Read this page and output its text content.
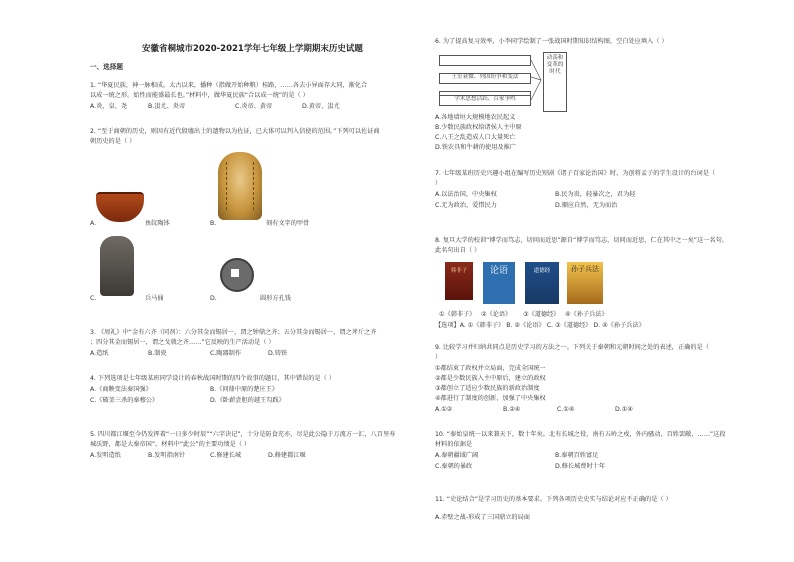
安徽省桐城市2020-2021学年七年级上学期期末历史试题
一、选择题
1. “华夏民族，神一脉相成。太古以来，播种（指做开始种粮）桂路，……各去小异面存大同，渐化合
以成一统之形。始性而能盛最长也。”材料中，做华夏民族“合以成一统”的是（ ）
A.炎、皇、尧	B.蚩尤、炎帝	C.炎帝、黄帝	D.黄帝、蚩尤
2. “至于商朝的历史，则因有近代殷墟出土的遗物以为佐证，已大体可以判入信使的范围。”下列可以佐证商
朝历史的是（ ）
A.	鱼纹陶钵	B.	刻有文字的甲骨
C.	兵马俑	D.	圆形方孔钱
3. 《周礼》中“金有六齐（同剂）：六分其金而锡居一，谓之钟鼎之齐；五分其金而锡居一，谓之斧斤之齐
；四分其金而锡居一，谓之戈戟之齐……”它反映的生产活动是（ ）
A.造纸	B.制瓷	C.陶器制作	D.铸铁
4. 下列选项是七年级某班同学设计的春秋战国时期的四个故事的题目，其中错误的是（ ）
A.《商鞅变法秦国强》	B.《问鼎中原的楚庄王》
C.《破釜三杀的秦穆公》	D.《卧薪尝胆的越王勾践》
5. 四川都江堰至今仍发挥着“一日多少时辰”“六字诀记”，十分是防食充亦，尽是此公隐于万流方一汇，八百里寿
城沃野，都是大秦帝国”。材料中“此公”的主要功绩是（ ）
A.发明造纸	B.发明指南针	C.修建长城	D.修建都江堰
6. 为了提高复习效率，小李同学绘制了一张战国时期知识结构图，空白处应填入（ ）
王室衰微、列国纷争和变法
学术思想活跃、百家争鸣
动荡和变革的时代
A.各地墙垣大规模地农民起义
B.少数民族政权给诸侯人主中原
C.八王之乱造成人口大量死亡
D.铁农具和牛耕的使用及推广
7. 七年级某班历史兴趣小组在编写历史短剧《诸子百家论治国》时，为创将孟子的学生设计的台词是（
）
A.以法治国，中央集权	B.民为贵，轻暴次之，君为轻
C.无为政治，爱惜民力	D.顺应自然，无为而治
8. 复旦大学的校训“博学而笃志，切问而近思”源自“博学而笃志，切问而近思，仁在其中之一矣”这一名句。
此名句出自（ ）
韩非子	论语	道德经	孙子兵法
①《韩非子》 ②《论语》 ③《道德经》 ④《孙子兵法》
【选项】A. ①《韩非子》 B. ②《论语》 C. ③《道德经》 D. ④《孙子兵法》
9. 比较学习并归纳共同点是历史学习的方法之一。下列关于秦朝和元朝时间之处的表述，正确的是（
）
①都结束了政权并立局面，完成全国统一
②都是少数民族入主中原后，建立的政权
③都创立了适应少数民族的新政治制度
④都进行了制度的创新，加强了中央集权
A.①②	B.②④	C.①④	D.①④
10. “秦始皇统一以来兼天下，数十年矣。北有长城之役，南有五岭之戍，外内骚动，百姓罢敝，……”这段
材料的依据是
A.秦朝疆域广阔	B.秦朝百姓富足
C.秦朝的暴政	D.修长城费时十年
11. “史论结合”是学习历史的基本要求。下列各项历史史实与结论对应不正确的是（ ）
A.赤壁之战-形成了三国鼎立的局面
